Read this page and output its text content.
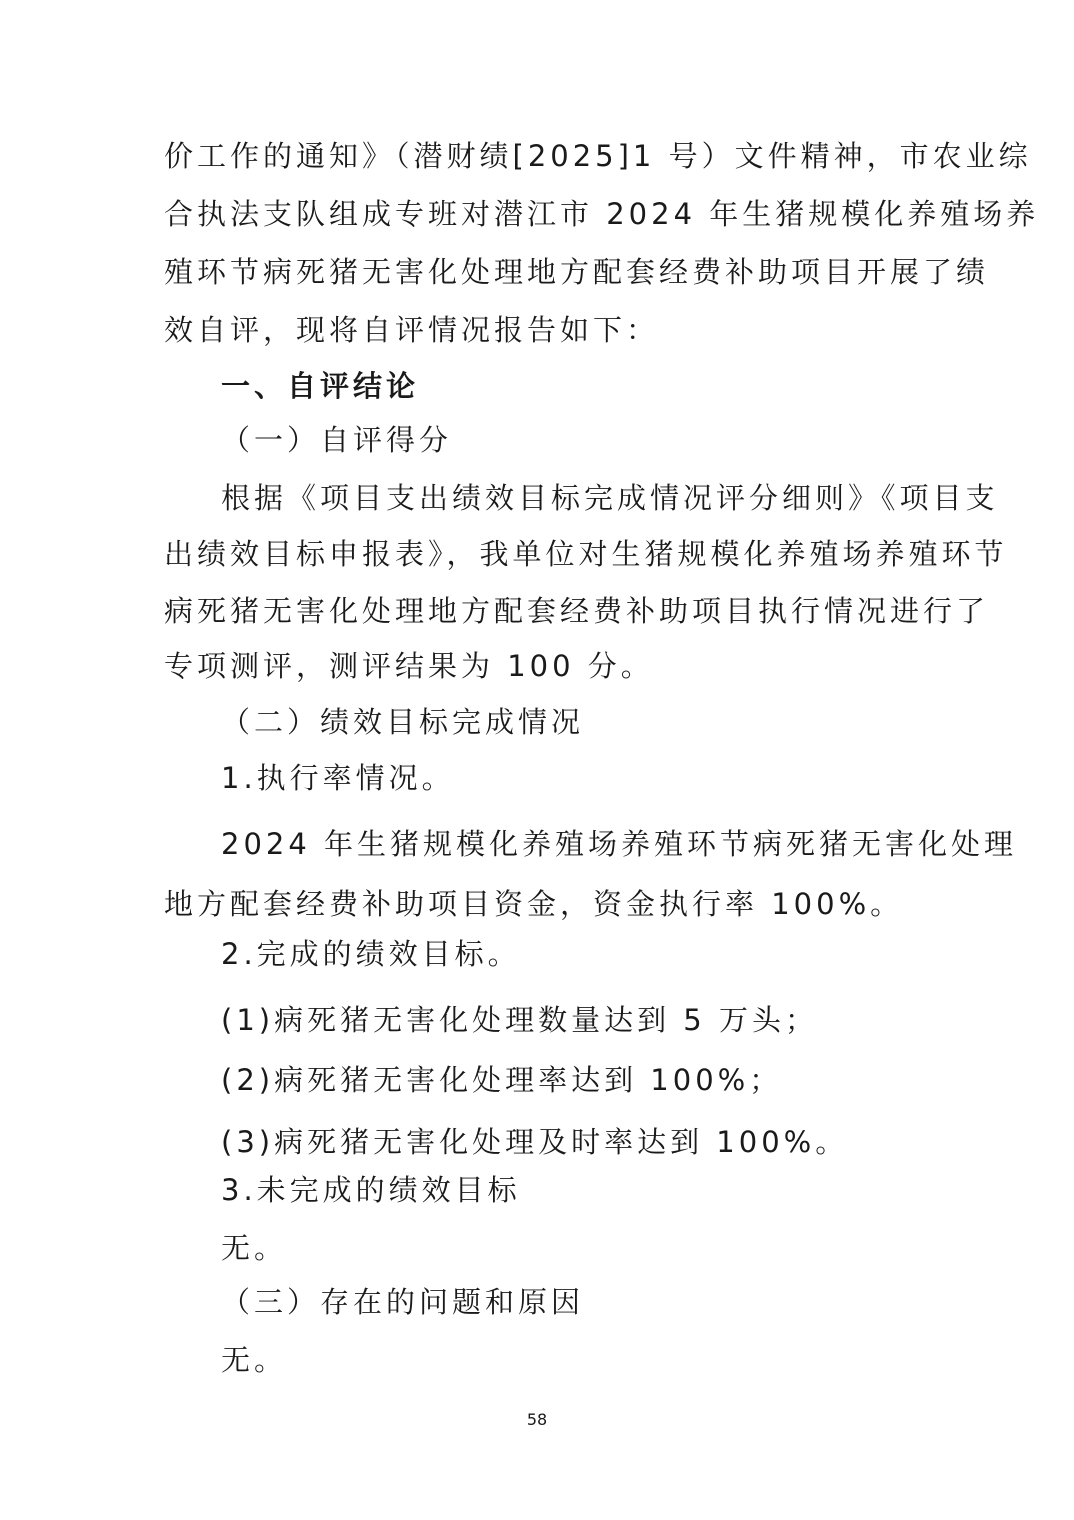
价工作的通知》（潜财绩[2025]1 号）文件精神，市农业综
合执法支队组成专班对潜江市 2024 年生猪规模化养殖场养
殖环节病死猪无害化处理地方配套经费补助项目开展了绩
效自评，现将自评情况报告如下：
一、自评结论
（一）自评得分
根据《项目支出绩效目标完成情况评分细则》《项目支
出绩效目标申报表》，我单位对生猪规模化养殖场养殖环节
病死猪无害化处理地方配套经费补助项目执行情况进行了
专项测评，测评结果为 100 分。
（二）绩效目标完成情况
1.执行率情况。
2024 年生猪规模化养殖场养殖环节病死猪无害化处理
地方配套经费补助项目资金，资金执行率 100%。
2.完成的绩效目标。
(1)病死猪无害化处理数量达到 5 万头；
(2)病死猪无害化处理率达到 100%；
(3)病死猪无害化处理及时率达到 100%。
3.未完成的绩效目标
无。
（三）存在的问题和原因
无。
58
